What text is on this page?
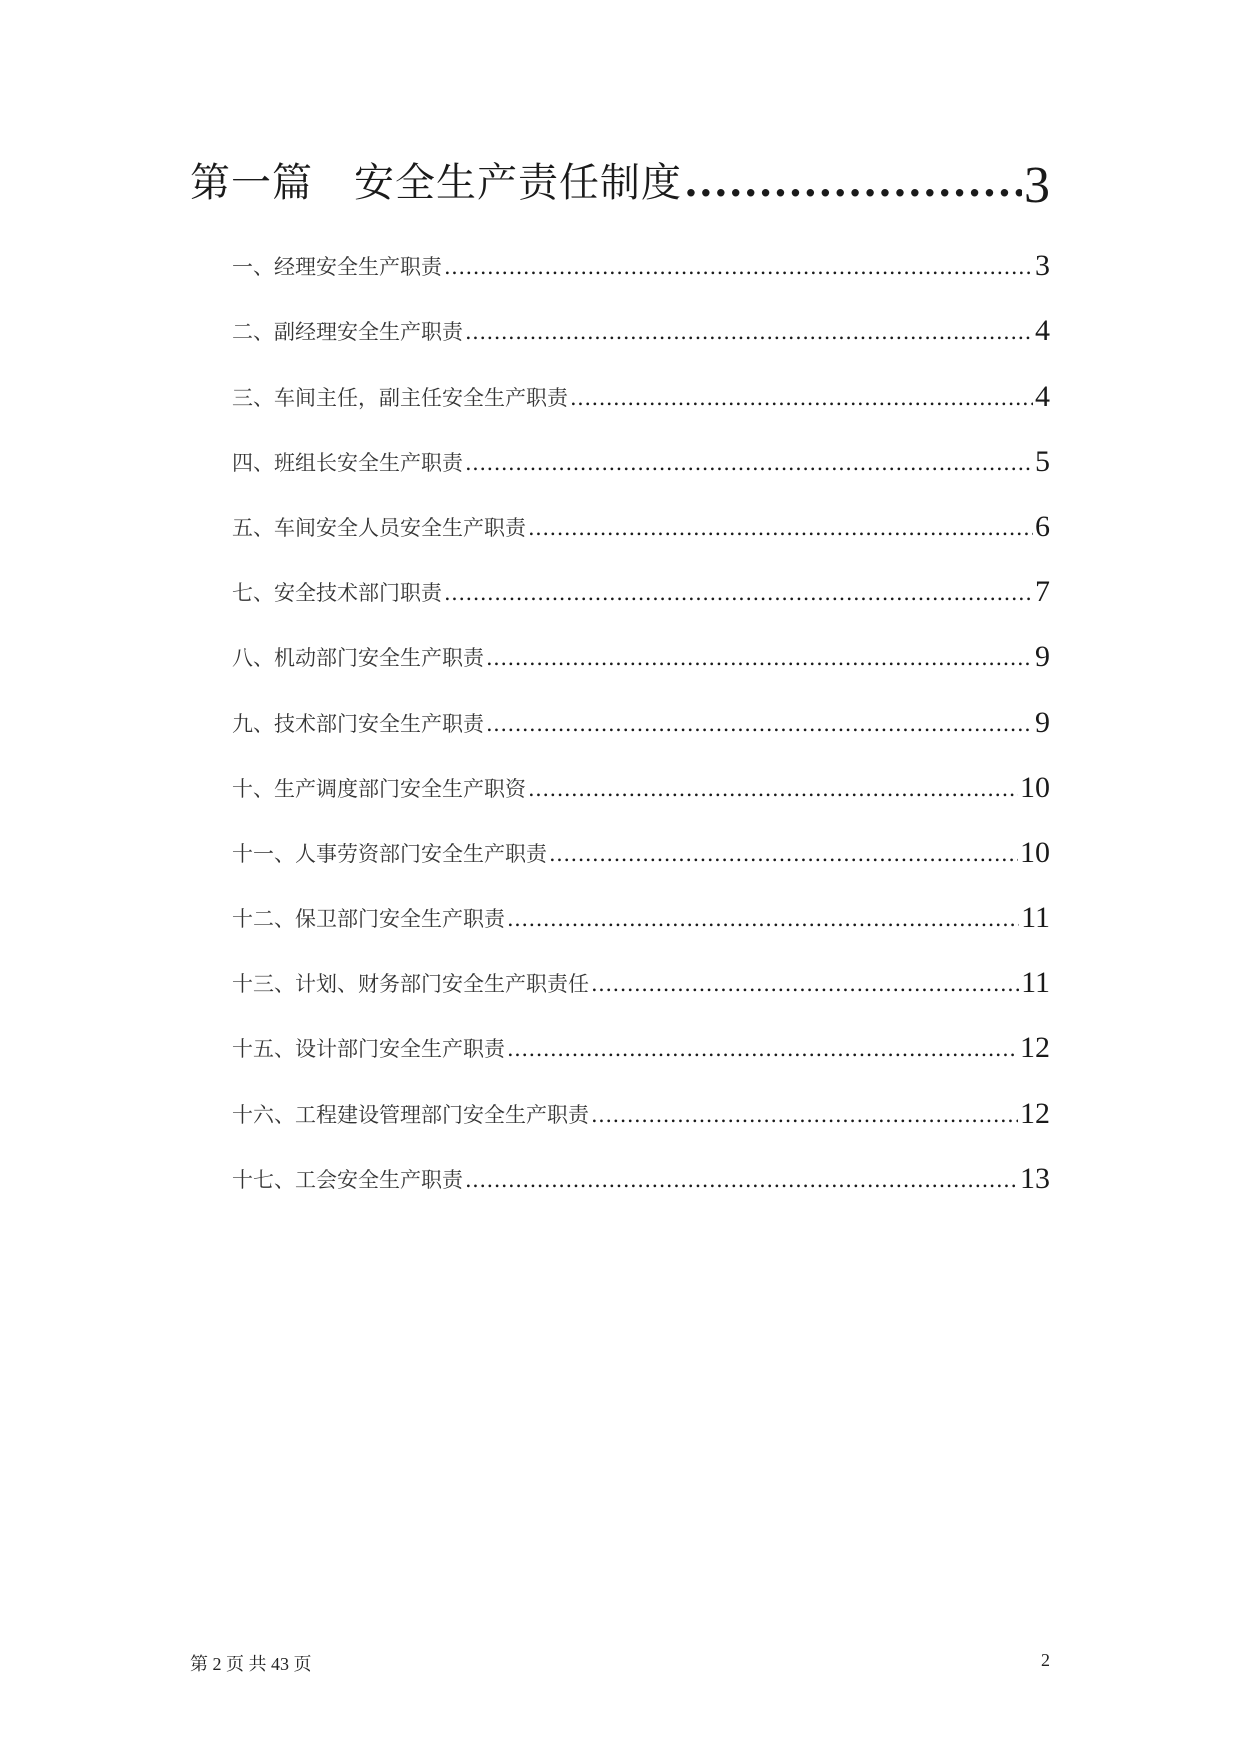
第一篇　安全生产责任制度 .....	3
一、经理安全生产职责 .....	3
二、副经理安全生产职责 .....	4
三、车间主任，副主任安全生产职责 .....	4
四、班组长安全生产职责 .....	5
五、车间安全人员安全生产职责 .....	6
七、安全技术部门职责 .....	7
八、机动部门安全生产职责 .....	9
九、技术部门安全生产职责 .....	9
十、生产调度部门安全生产职资 .....	10
十一、人事劳资部门安全生产职责 .....	10
十二、保卫部门安全生产职责 .....	11
十三、计划、财务部门安全生产职责任 .....	11
十五、设计部门安全生产职责 .....	12
十六、工程建设管理部门安全生产职责 .....	12
十七、工会安全生产职责 .....	13
第 2 页 共 43 页	2
